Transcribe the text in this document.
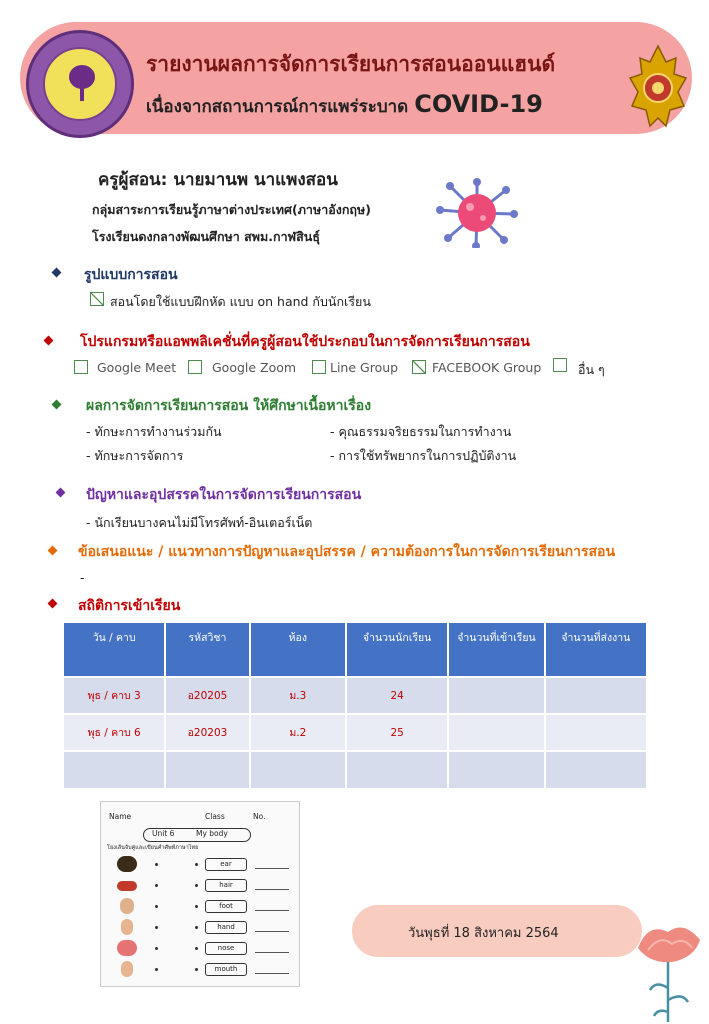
รายงานผลการจัดการเรียนการสอนออนแฮนด์
เนื่องจากสถานการณ์การแพร่ระบาด COVID-19
ครูผู้สอน: นายมานพ นาแพงสอน
กลุ่มสาระการเรียนรู้ภาษาต่างประเทศ(ภาษาอังกฤษ)
โรงเรียนดงกลางพัฒนศึกษา สพม.กาฬสินธุ์
รูปแบบการสอน
สอนโดยใช้แบบฝึกหัด แบบ on hand กับนักเรียน
โปรแกรมหรือแอพพลิเคชั่นที่ครูผู้สอนใช้ประกอบในการจัดการเรียนการสอน
Google Meet	Google Zoom	Line Group	FACEBOOK Group	อื่น ๆ
ผลการจัดการเรียนการสอน ให้ศึกษาเนื้อหาเรื่อง
- ทักษะการทำงานร่วมกัน	- คุณธรรมจริยธรรมในการทำงาน
- ทักษะการจัดการ	- การใช้ทรัพยากรในการปฏิบัติงาน
ปัญหาและอุปสรรคในการจัดการเรียนการสอน
- นักเรียนบางคนไม่มีโทรศัพท์-อินเตอร์เน็ต
ข้อเสนอแนะ / แนวทางการปัญหาและอุปสรรค / ความต้องการในการจัดการเรียนการสอน
-
สถิติการเข้าเรียน
วัน / คาบ	รหัสวิชา	ห้อง	จำนวนนักเรียน	จำนวนที่เข้าเรียน	จำนวนที่ส่งงาน
พุธ / คาบ 3	อ20205	ม.3	24		
พุธ / คาบ 6	อ20203	ม.2	25		

Name	Class	No.
Unit 6	My body
โยงเส้นจับคู่และเขียนคำศัพท์ภาษาไทย
ear
hair
foot
hand
nose
mouth
วันพุธที่ 18 สิงหาคม 2564
